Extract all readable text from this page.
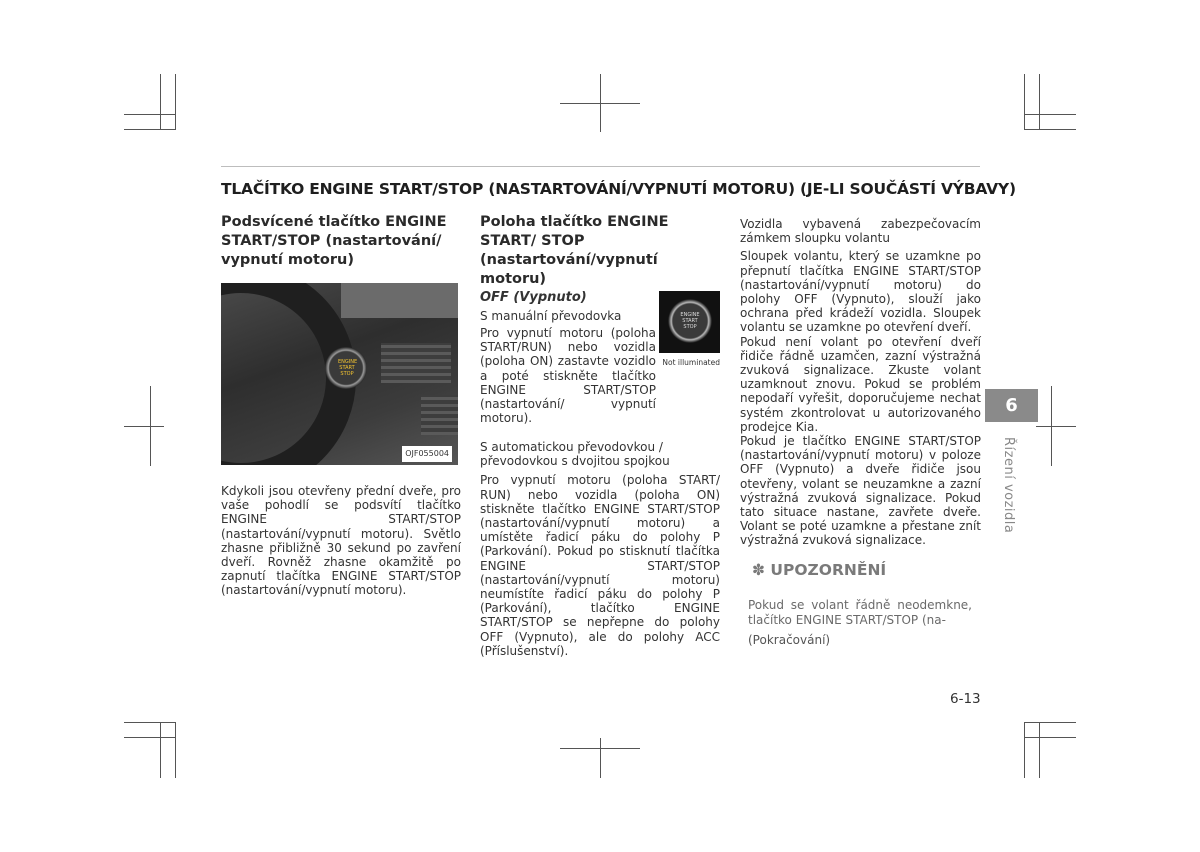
TLAČÍTKO ENGINE START/STOP (NASTARTOVÁNÍ/VYPNUTÍ MOTORU) (JE-LI SOUČÁSTÍ VÝBAVY)

Podsvícené tlačítko ENGINE START/STOP (nastartování/ vypnutí motoru)

ENGINE START STOP
OJF055004

Kdykoli jsou otevřeny přední dveře, pro vaše pohodlí se podsvítí tlačítko ENGINE START/STOP (nastartování/vypnutí motoru). Světlo zhasne přibližně 30 sekund po zavření dveří. Rovněž zhasne okamžitě po zapnutí tlačítka ENGINE START/STOP (nastartování/vypnutí motoru).

Poloha tlačítko ENGINE START/ STOP (nastartování/vypnutí motoru)

ENGINE START STOP
Not illuminated

OFF (Vypnuto)

S manuální převodovka

Pro vypnutí motoru (poloha START/RUN) nebo vozidla (poloha ON) zastavte vozidlo a poté stiskněte tlačítko ENGINE START/STOP (nastartování/ vypnutí motoru).

S automatickou převodovkou / převodovkou s dvojitou spojkou

Pro vypnutí motoru (poloha START/ RUN) nebo vozidla (poloha ON) stiskněte tlačítko ENGINE START/STOP (nastartování/vypnutí motoru) a umístěte řadicí páku do polohy P (Parkování). Pokud po stisknutí tlačítka ENGINE START/STOP (nastartování/vypnutí motoru) neumístíte řadicí páku do polohy P (Parkování), tlačítko ENGINE START/STOP se nepřepne do polohy OFF (Vypnuto), ale do polohy ACC (Příslušenství).

Vozidla vybavená zabezpečovacím zámkem sloupku volantu

Sloupek volantu, který se uzamkne po přepnutí tlačítka ENGINE START/STOP (nastartování/vypnutí motoru) do polohy OFF (Vypnuto), slouží jako ochrana před krádeží vozidla. Sloupek volantu se uzamkne po otevření dveří.

Pokud není volant po otevření dveří řidiče řádně uzamčen, zazní výstražná zvuková signalizace. Zkuste volant uzamknout znovu. Pokud se problém nepodaří vyřešit, doporučujeme nechat systém zkontrolovat u autorizovaného prodejce Kia.

Pokud je tlačítko ENGINE START/STOP (nastartování/vypnutí motoru) v poloze OFF (Vypnuto) a dveře řidiče jsou otevřeny, volant se neuzamkne a zazní výstražná zvuková signalizace. Pokud tato situace nastane, zavřete dveře. Volant se poté uzamkne a přestane znít výstražná zvuková signalizace.

✽ UPOZORNĚNÍ
Pokud se volant řádně neodemkne, tlačítko ENGINE START/STOP (na-
(Pokračování)
6
Řízení vozidla
6-13
